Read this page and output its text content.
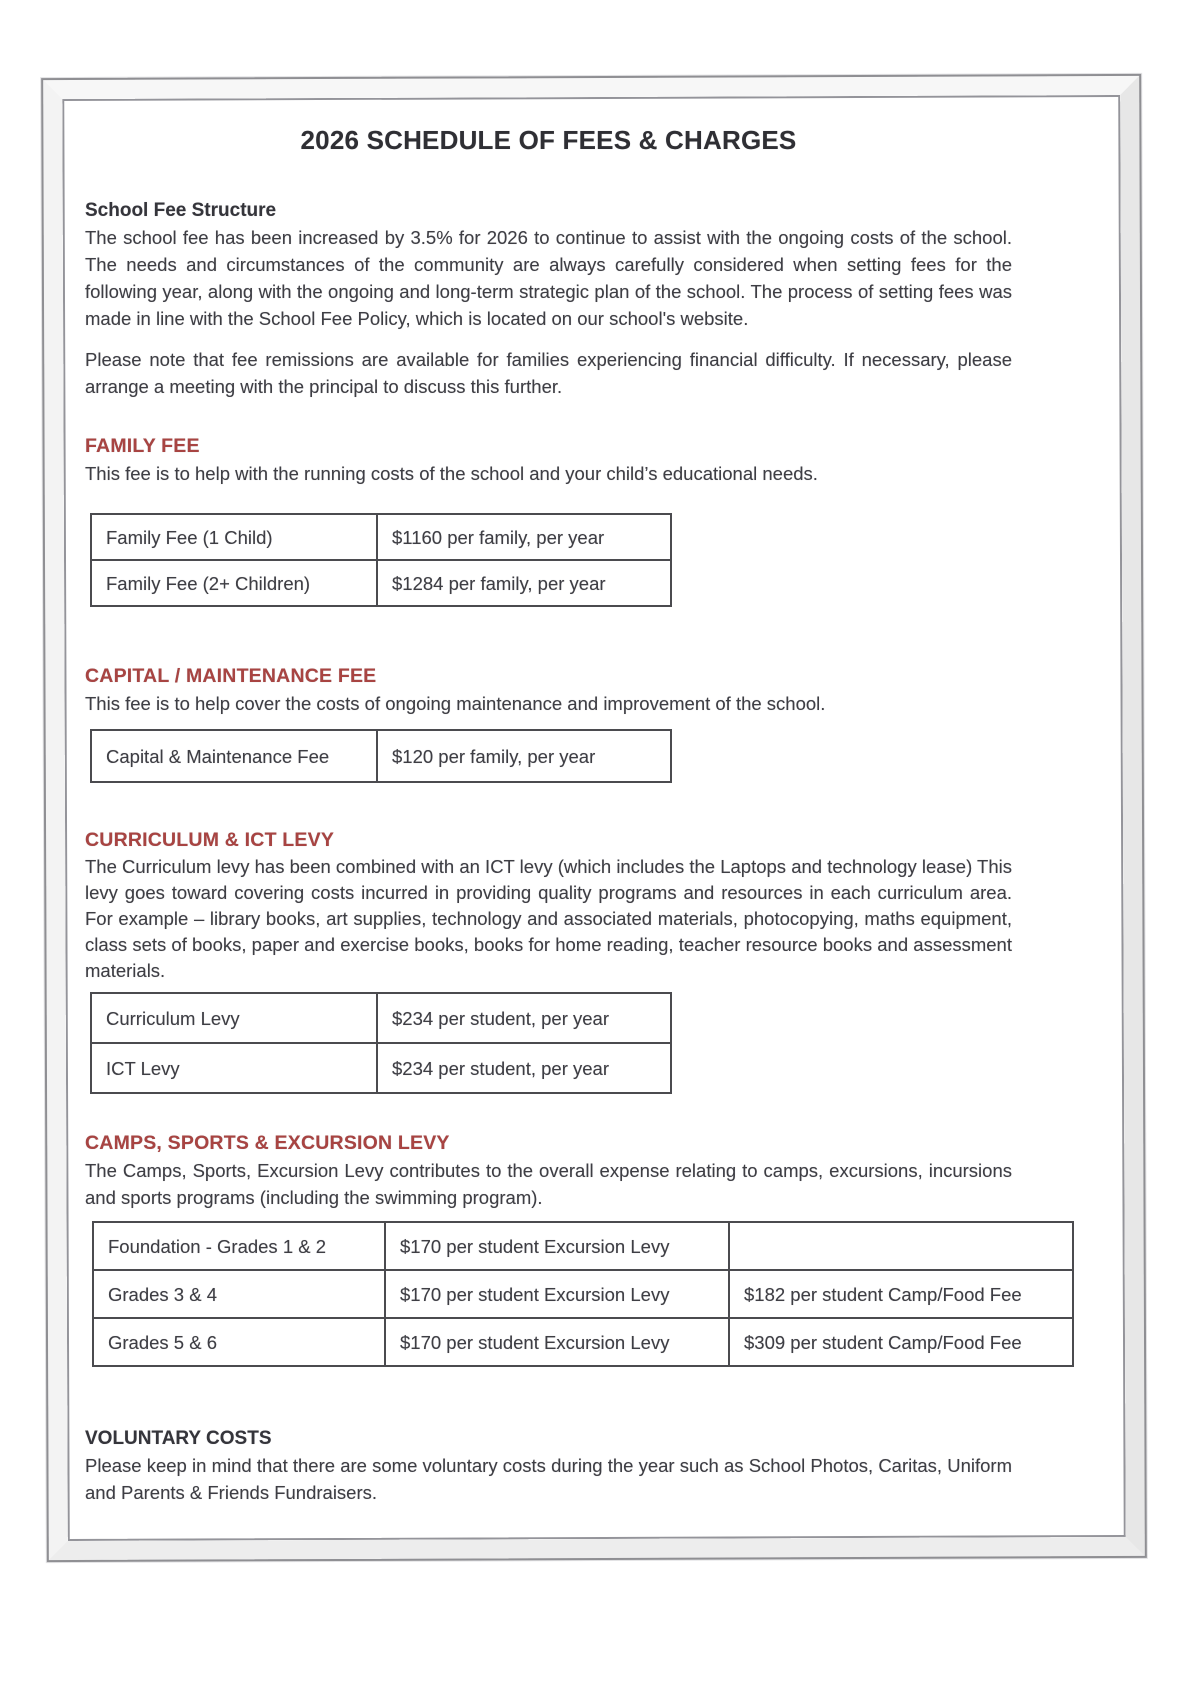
2026 SCHEDULE OF FEES & CHARGES
School Fee Structure

The school fee has been increased by 3.5% for 2026 to continue to assist with the ongoing costs of the school. The needs and circumstances of the community are always carefully considered when setting fees for the following year, along with the ongoing and long-term strategic plan of the school. The process of setting fees was made in line with the School Fee Policy, which is located on our school's website.

Please note that fee remissions are available for families experiencing financial difficulty. If necessary, please arrange a meeting with the principal to discuss this further.

FAMILY FEE

This fee is to help with the running costs of the school and your child’s educational needs.

Family Fee (1 Child)	$1160 per family, per year
Family Fee (2+ Children)	$1284 per family, per year
CAPITAL / MAINTENANCE FEE

This fee is to help cover the costs of ongoing maintenance and improvement of the school.

Capital & Maintenance Fee	$120 per family, per year
CURRICULUM & ICT LEVY

The Curriculum levy has been combined with an ICT levy (which includes the Laptops and technology lease) This levy goes toward covering costs incurred in providing quality programs and resources in each curriculum area. For example – library books, art supplies, technology and associated materials, photocopying, maths equipment, class sets of books, paper and exercise books, books for home reading, teacher resource books and assessment materials.

Curriculum Levy	$234 per student, per year
ICT Levy	$234 per student, per year
CAMPS, SPORTS & EXCURSION LEVY

The Camps, Sports, Excursion Levy contributes to the overall expense relating to camps, excursions, incursions and sports programs (including the swimming program).

Foundation - Grades 1 & 2	$170 per student Excursion Levy	
Grades 3 & 4	$170 per student Excursion Levy	$182 per student Camp/Food Fee
Grades 5 & 6	$170 per student Excursion Levy	$309 per student Camp/Food Fee
VOLUNTARY COSTS

Please keep in mind that there are some voluntary costs during the year such as School Photos, Caritas, Uniform and Parents & Friends Fundraisers.
